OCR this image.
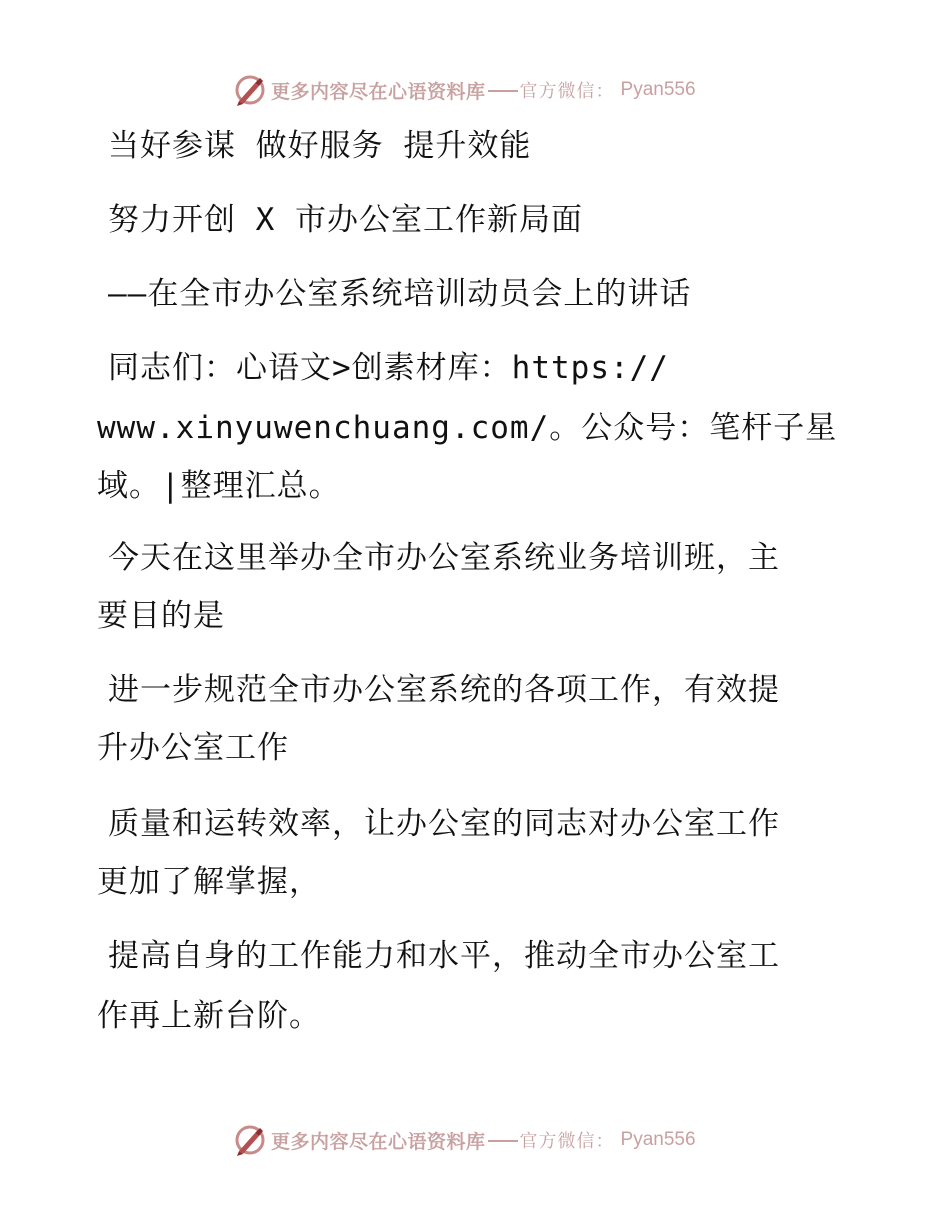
更多内容尽在心语资料库 官方微信： Pyan556
当好参谋 做好服务 提升效能
努力开创 X 市办公室工作新局面
——在全市办公室系统培训动员会上的讲话
同志们：心语文>创素材库：https://
www.xinyuwenchuang.com/。公众号：笔杆子星
域。|整理汇总。
今天在这里举办全市办公室系统业务培训班，主
要目的是
进一步规范全市办公室系统的各项工作，有效提
升办公室工作
质量和运转效率，让办公室的同志对办公室工作
更加了解掌握，
提高自身的工作能力和水平，推动全市办公室工
作再上新台阶。
更多内容尽在心语资料库 官方微信： Pyan556
